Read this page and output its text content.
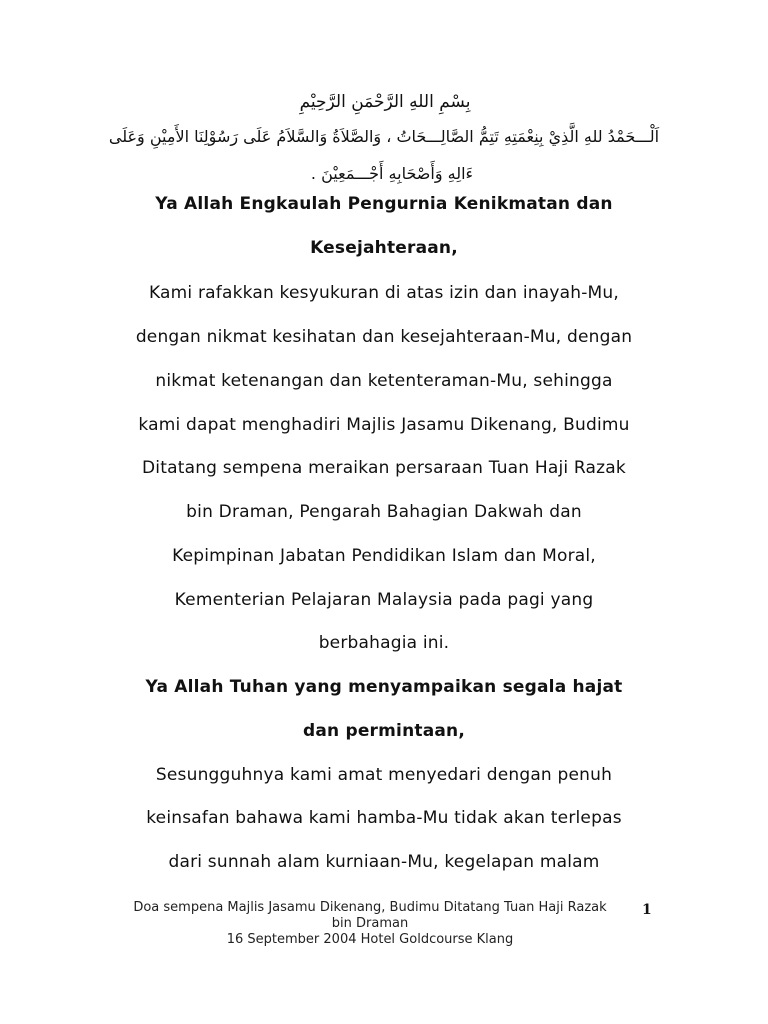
بِسْمِ اللهِ الرَّحْمَنِ الرَّحِيْمِ
اَلْـــحَمْدُ للهِ الَّذِيْ بِنِعْمَتِهِ تَتِمُّ الصَّالِـــحَاتُ ، وَالصَّلاَةُ وَالسَّلاَمُ عَلَى رَسُوْلِنَا الأَمِيْنِ وَعَلَى
ءَالِهِ وَأَصْحَابِهِ أَجْـــمَعِيْنَ .
Ya Allah Engkaulah Pengurnia Kenikmatan dan
Kesejahteraan,
Kami rafakkan kesyukuran di atas izin dan inayah-Mu,
dengan nikmat kesihatan dan kesejahteraan-Mu, dengan
nikmat ketenangan dan ketenteraman-Mu, sehingga
kami dapat menghadiri Majlis Jasamu Dikenang, Budimu
Ditatang sempena meraikan persaraan Tuan Haji Razak
bin Draman, Pengarah Bahagian Dakwah dan
Kepimpinan Jabatan Pendidikan Islam dan Moral,
Kementerian Pelajaran Malaysia pada pagi yang
berbahagia ini.
Ya Allah Tuhan yang menyampaikan segala hajat
dan permintaan,
Sesungguhnya kami amat menyedari dengan penuh
keinsafan bahawa kami hamba-Mu tidak akan terlepas
dari sunnah alam kurniaan-Mu, kegelapan malam
Doa sempena Majlis Jasamu Dikenang, Budimu Ditatang Tuan Haji Razak
bin Draman
16 September 2004 Hotel Goldcourse Klang
1
